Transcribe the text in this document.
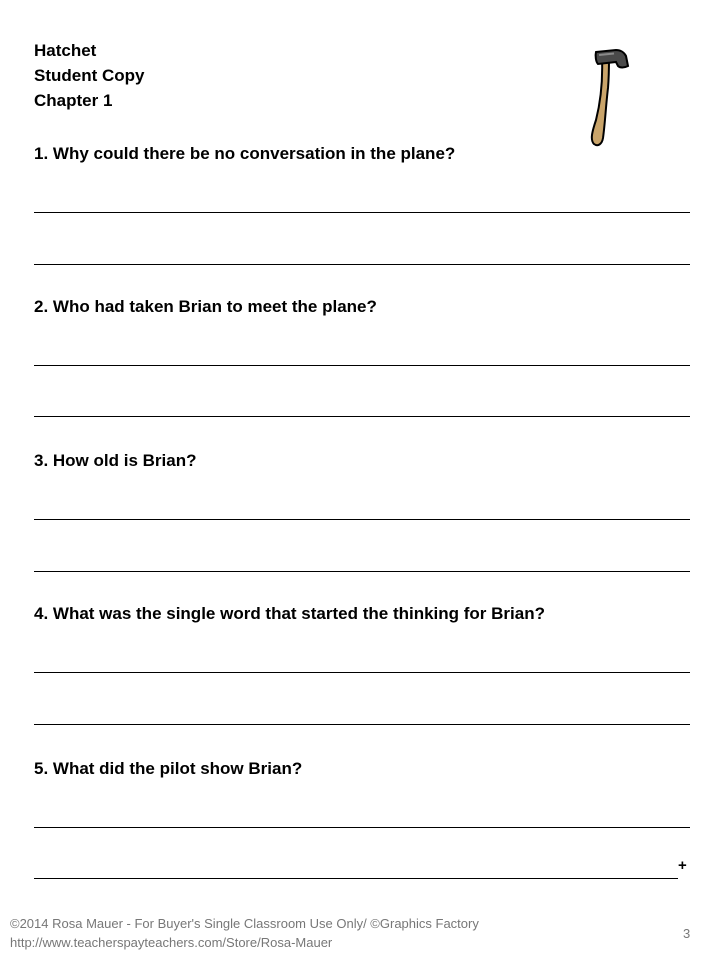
Hatchet
Student Copy
Chapter 1
1. Why could there be no conversation in the plane?
2. Who had taken Brian to meet the plane?
3. How old is Brian?
4. What was the single word that started the thinking for Brian?
5. What did the pilot show Brian?
+
©2014 Rosa Mauer - For Buyer's Single Classroom Use Only/ ©Graphics Factory
http://www.teacherspayteachers.com/Store/Rosa-Mauer
3
